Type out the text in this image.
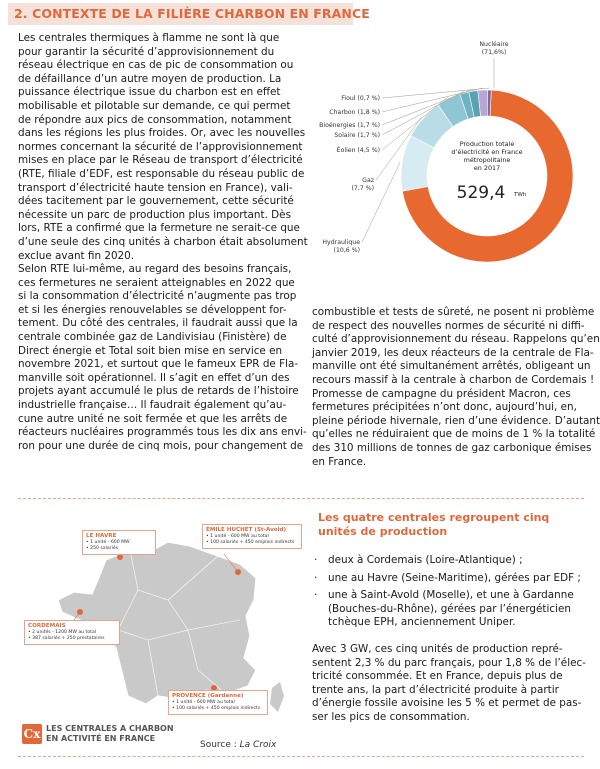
2. CONTEXTE DE LA FILIÈRE CHARBON EN FRANCE

Les centrales thermiques à flamme ne sont là que
pour garantir la sécurité d’approvisionnement du
réseau électrique en cas de pic de consommation ou
de défaillance d’un autre moyen de production. La
puissance électrique issue du charbon est en effet
mobilisable et pilotable sur demande, ce qui permet
de répondre aux pics de consommation, notamment
dans les régions les plus froides. Or, avec les nouvelles
normes concernant la sécurité de l’approvisionnement
mises en place par le Réseau de transport d’électricité
(RTE, filiale d’EDF, est responsable du réseau public de
transport d’électricité haute tension en France), vali-
dées tacitement par le gouvernement, cette sécurité
nécessite un parc de production plus important. Dès
lors, RTE a confirmé que la fermeture ne serait-ce que
d’une seule des cinq unités à charbon était absolument
exclue avant fin 2020.
Selon RTE lui-même, au regard des besoins français,
ces fermetures ne seraient atteignables en 2022 que
si la consommation d’électricité n’augmente pas trop
et si les énergies renouvelables se développent for-
tement. Du côté des centrales, il faudrait aussi que la
centrale combinée gaz de Landivisiau (Finistère) de
Direct énergie et Total soit bien mise en service en
novembre 2021, et surtout que le fameux EPR de Fla-
manville soit opérationnel. Il s’agit en effet d’un des
projets ayant accumulé le plus de retards de l’histoire
industrielle française… Il faudrait également qu’au-
cune autre unité ne soit fermée et que les arrêts de
réacteurs nucléaires programmés tous les dix ans envi-
ron pour une durée de cinq mois, pour changement de

Nucléaire (71,6%)
Hydraulique (10,6 %)
Gaz (7,7 %)
Éolien (4,5 %)
Solaire (1,7 %)
Bioénergies (1,7 %)
Charbon (1,8 %)
Fioul (0,7 %)
Production totale d’électricité en France métropolitaine en 2017
529,4 TWh

combustible et tests de sûreté, ne posent ni problème
de respect des nouvelles normes de sécurité ni diffi-
culté d’approvisionnement du réseau. Rappelons qu’en
janvier 2019, les deux réacteurs de la centrale de Fla-
manville ont été simultanément arrêtés, obligeant un
recours massif à la centrale à charbon de Cordemais !
Promesse de campagne du président Macron, ces
fermetures précipitées n’ont donc, aujourd’hui, en,
pleine période hivernale, rien d’une évidence. D’autant
qu’elles ne réduiraient que de moins de 1 % la totalité
des 310 millions de tonnes de gaz carbonique émises
en France.

LE HAVRE
• 1 unité - 600 MW
• 250 salariés
ÉMILE HUCHET (St-Avold)
• 1 unité - 600 MW au total
• 100 salariés + 450 emplois indirects
CORDEMAIS
• 2 unités - 1200 MW au total
• 387 salariés + 250 prestataires
PROVENCE (Gardanne)
• 1 unité - 600 MW au total
• 100 salariés + 450 emplois indirects
Cx LES CENTRALES A CHARBON
EN ACTIVITÉ EN FRANCE
Source : La Croix
Les quatre centrales regroupent cinq unités de production
· deux à Cordemais (Loire-Atlantique) ;
· une au Havre (Seine-Maritime), gérées par EDF ;
· une à Saint-Avold (Moselle), et une à Gardanne (Bouches-du-Rhône), gérées par l’énergéticien tchèque EPH, anciennement Uniper.

Avec 3 GW, ces cinq unités de production repré-
sentent 2,3 % du parc français, pour 1,8 % de l’élec-
tricité consommée. Et en France, depuis plus de
trente ans, la part d’électricité produite à partir
d’énergie fossile avoisine les 5 % et permet de pas-
ser les pics de consommation.
